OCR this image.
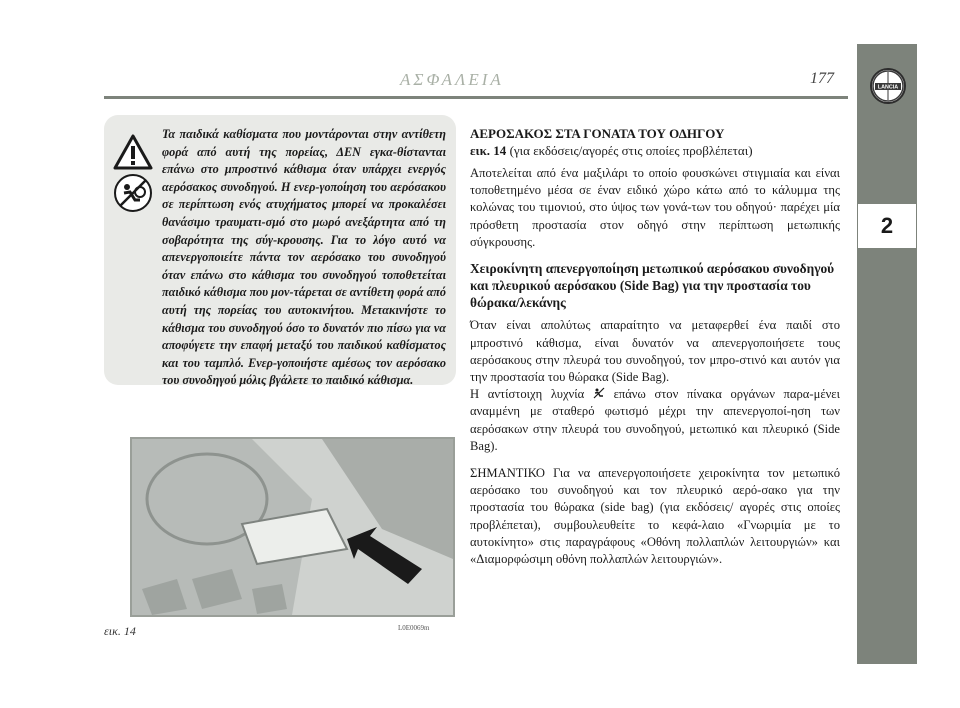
LANCIA
2
ΑΣΦΑΛΕΙΑ	177
Τα παιδικά καθίσματα που μοντάρονται στην αντίθετη φορά από αυτή της πορείας, ΔΕΝ εγκα-θίστανται επάνω στο μπροστινό κάθισμα όταν υπάρχει ενεργός αερόσακος συνοδηγού. Η ενερ-γοποίηση του αερόσακου σε περίπτωση ενός ατυχήματος μπορεί να προκαλέσει θανάσιμο τραυματι-σμό στο μωρό ανεξάρτητα από τη σοβαρότητα της σύγ-κρουσης. Για το λόγο αυτό να απενεργοποιείτε πάντα τον αερόσακο του συνοδηγού όταν επάνω στο κάθισμα του συνοδηγού τοποθετείται παιδικό κάθισμα που μον-τάρεται σε αντίθετη φορά από αυτή της πορείας του αυτοκινήτου. Μετακινήστε το κάθισμα του συνοδηγού όσο το δυνατόν πιο πίσω για να αποφύγετε την επαφή μεταξύ του παιδικού καθίσματος και του ταμπλό. Ενερ-γοποιήστε αμέσως τον αερόσακο του συνοδηγού μόλις βγάλετε το παιδικό κάθισμα.
εικ. 14	L0E0069m
ΑΕΡΟΣΑΚΟΣ ΣΤΑ ΓΟΝΑΤΑ ΤΟΥ ΟΔΗΓΟΥ
εικ. 14 (για εκδόσεις/αγορές στις οποίες προβλέπεται)

Αποτελείται από ένα μαξιλάρι το οποίο φουσκώνει στιγμιαία και είναι τοποθετημένο μέσα σε έναν ειδικό χώρο κάτω από το κάλυμμα της κολώνας του τιμονιού, στο ύψος των γονά-των του οδηγού· παρέχει μία πρόσθετη προστασία στον οδηγό στην περίπτωση μετωπικής σύγκρουσης.

Χειροκίνητη απενεργοποίηση μετωπικού αερόσακου συνοδηγού και πλευρικού αερόσακου (Side Bag) για την προστασία του θώρακα/λεκάνης

Όταν είναι απολύτως απαραίτητο να μεταφερθεί ένα παιδί στο μπροστινό κάθισμα, είναι δυνατόν να απενεργοποιήσετε τους αερόσακους στην πλευρά του συνοδηγού, τον μπρο-στινό και αυτόν για την προστασία του θώρακα (Side Bag).
Η αντίστοιχη λυχνία επάνω στον πίνακα οργάνων παρα-μένει αναμμένη με σταθερό φωτισμό μέχρι την απενεργοποί-ηση των αερόσακων στην πλευρά του συνοδηγού, μετωπικό και πλευρικό (Side Bag).

ΣΗΜΑΝΤΙΚΟ Για να απενεργοποιήσετε χειροκίνητα τον μετωπικό αερόσακο του συνοδηγού και τον πλευρικό αερό-σακο για την προστασία του θώρακα (side bag) (για εκδόσεις/ αγορές στις οποίες προβλέπεται), συμβουλευθείτε το κεφά-λαιο «Γνωριμία με το αυτοκίνητο» στις παραγράφους «Οθόνη πολλαπλών λειτουργιών» και «Διαμορφώσιμη οθόνη πολλαπλών λειτουργιών».
